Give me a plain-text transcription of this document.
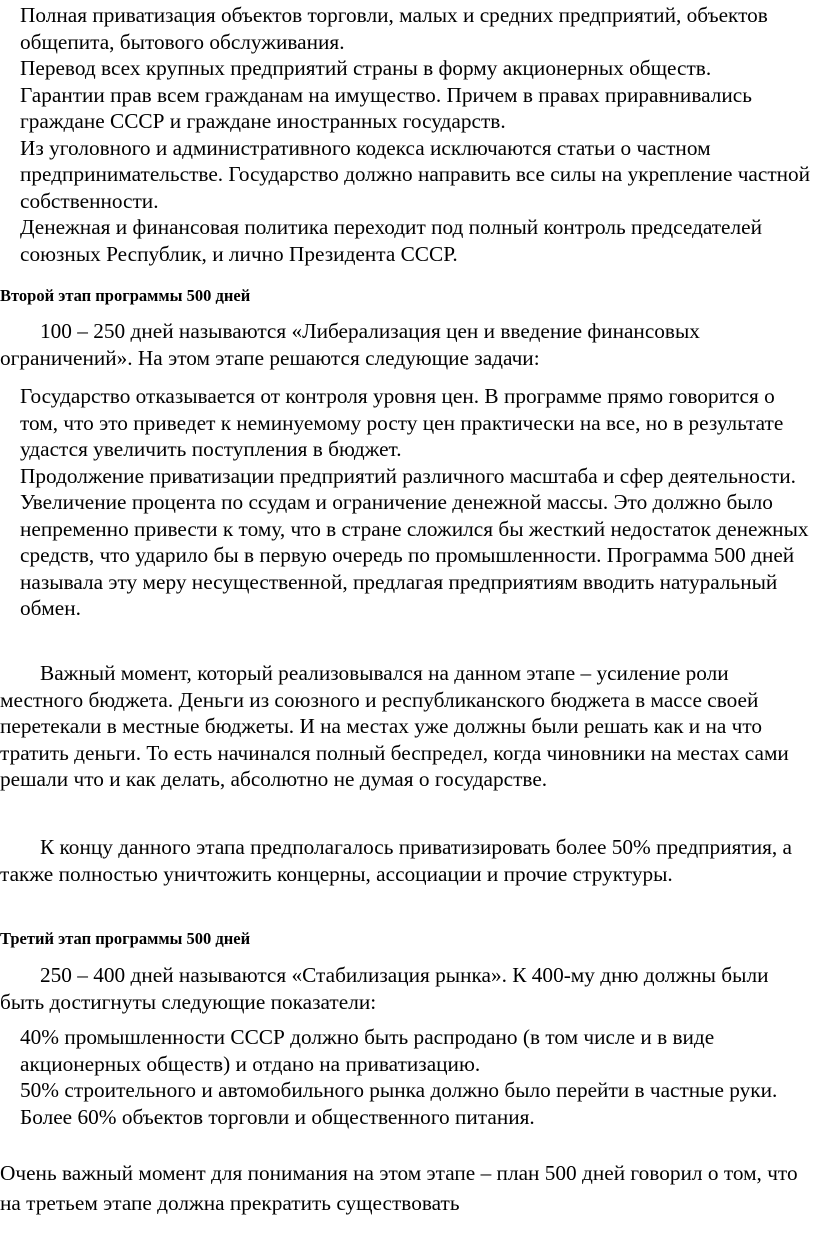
Полная приватизация объектов торговли, малых и средних предприятий, объектов общепита, бытового обслуживания.
Перевод всех крупных предприятий страны в форму акционерных обществ.
Гарантии прав всем гражданам на имущество. Причем в правах приравнивались граждане СССР и граждане иностранных государств.
Из уголовного и административного кодекса исключаются статьи о частном предпринимательстве. Государство должно направить все силы на укрепление частной собственности.
Денежная и финансовая политика переходит под полный контроль председателей союзных Республик, и лично Президента СССР.

Второй этап программы 500 дней

100 – 250 дней называются «Либерализация цен и введение финансовых ограничений». На этом этапе решаются следующие задачи:

Государство отказывается от контроля уровня цен. В программе прямо говорится о том, что это приведет к неминуемому росту цен практически на все, но в результате удастся увеличить поступления в бюджет.
Продолжение приватизации предприятий различного масштаба и сфер деятельности.
Увеличение процента по ссудам и ограничение денежной массы. Это должно было непременно привести к тому, что в стране сложился бы жесткий недостаток денежных средств, что ударило бы в первую очередь по промышленности. Программа 500 дней называла эту меру несущественной, предлагая предприятиям вводить натуральный обмен.

Важный момент, который реализовывался на данном этапе – усиление роли местного бюджета. Деньги из союзного и республиканского бюджета в массе своей перетекали в местные бюджеты. И на местах уже должны были решать как и на что тратить деньги. То есть начинался полный беспредел, когда чиновники на местах сами решали что и как делать, абсолютно не думая о государстве.

К концу данного этапа предполагалось приватизировать более 50% предприятия, а также полностью уничтожить концерны, ассоциации и прочие структуры.

Третий этап программы 500 дней

250 – 400 дней называются «Стабилизация рынка». К 400-му дню должны были быть достигнуты следующие показатели:

40% промышленности СССР должно быть распродано (в том числе и в виде акционерных обществ) и отдано на приватизацию.
50% строительного и автомобильного рынка должно было перейти в частные руки.
Более 60% объектов торговли и общественного питания.

Очень важный момент для понимания на этом этапе – план 500 дней говорил о том, что на третьем этапе должна прекратить существовать
